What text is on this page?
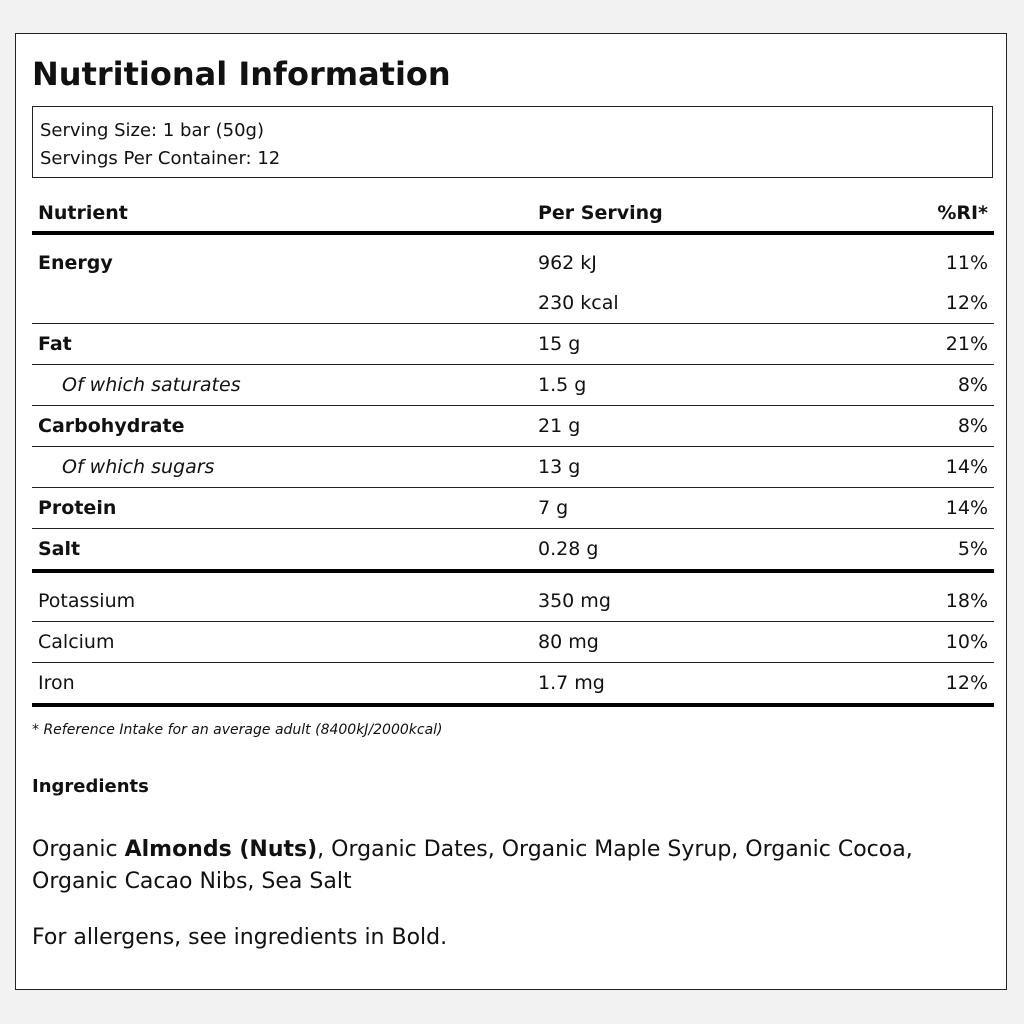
Nutritional Information
Serving Size: 1 bar (50g)
Servings Per Container: 12
Nutrient	Per Serving	%RI*
Energy	962 kJ	11%
	230 kcal	12%
Fat	15 g	21%
Of which saturates	1.5 g	8%
Carbohydrate	21 g	8%
Of which sugars	13 g	14%
Protein	7 g	14%
Salt	0.28 g	5%
Potassium	350 mg	18%
Calcium	80 mg	10%
Iron	1.7 mg	12%
* Reference Intake for an average adult (8400kJ/2000kcal)
Ingredients
Organic Almonds (Nuts), Organic Dates, Organic Maple Syrup, Organic Cocoa, Organic Cacao Nibs, Sea Salt
For allergens, see ingredients in Bold.
